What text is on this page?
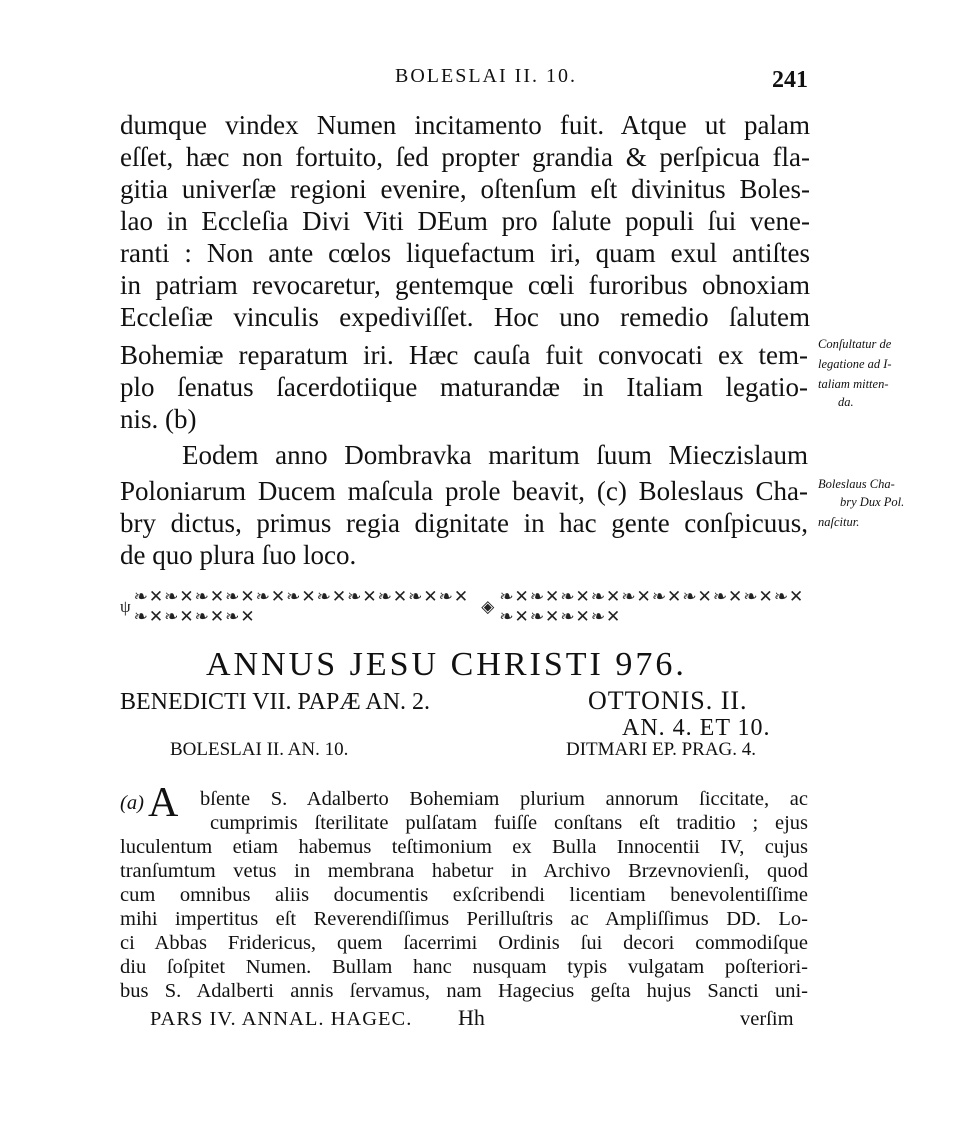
BOLESLAI II. 10.	241
dumque vindex Numen incitamento fuit. Atque ut palam
eſſet, hæc non fortuito, ſed propter grandia & perſpicua fla-
gitia univerſæ regioni evenire, oſtenſum eſt divinitus Boles-
lao in Eccleſia Divi Viti DEum pro ſalute populi ſui vene-
ranti : Non ante cœlos liquefactum iri, quam exul antiſtes
in patriam revocaretur, gentemque cœli furoribus obnoxiam
Eccleſiæ vinculis expediviſſet. Hoc uno remedio ſalutem
Bohemiæ reparatum iri. Hæc cauſa fuit convocati ex tem-
plo ſenatus ſacerdotiique maturandæ in Italiam legatio-
nis. (b)
Eodem anno Dombravka maritum ſuum Mieczislaum
Poloniarum Ducem maſcula prole beavit, (c) Boleslaus Cha-
bry dictus, primus regia dignitate in hac gente conſpicuus,
de quo plura ſuo loco.
Conſultatur de
legatione ad I-
taliam mitten-
da.
Boleslaus Cha-
bry Dux Pol.
naſcitur.
ψ
❧✕❧✕❧✕❧✕❧✕❧✕❧✕❧✕❧✕❧✕❧✕❧✕❧✕❧✕❧✕
◈
❧✕❧✕❧✕❧✕❧✕❧✕❧✕❧✕❧✕❧✕❧✕❧✕❧✕❧✕
ANNUS JESU CHRISTI 976.
BENEDICTI VII. PAPÆ AN. 2.	OTTONIS. II.
AN. 4. ET 10.
BOLESLAI II. AN. 10.	DITMARI EP. PRAG. 4.
(a) A bſente S. Adalberto Bohemiam plurium annorum ſiccitate, ac
cumprimis ſterilitate pulſatam fuiſſe conſtans eſt traditio ; ejus
luculentum etiam habemus teſtimonium ex Bulla Innocentii IV, cujus
tranſumtum vetus in membrana habetur in Archivo Brzevnovienſi, quod
cum omnibus aliis documentis exſcribendi licentiam benevolentiſſime
mihi impertitus eſt Reverendiſſimus Perilluſtris ac Ampliſſimus DD. Lo-
ci Abbas Fridericus, quem ſacerrimi Ordinis ſui decori commodiſque
diu ſoſpitet Numen. Bullam hanc nusquam typis vulgatam poſteriori-
bus S. Adalberti annis ſervamus, nam Hagecius geſta hujus Sancti uni-
PARS IV. ANNAL. HAGEC. Hh	verſim
